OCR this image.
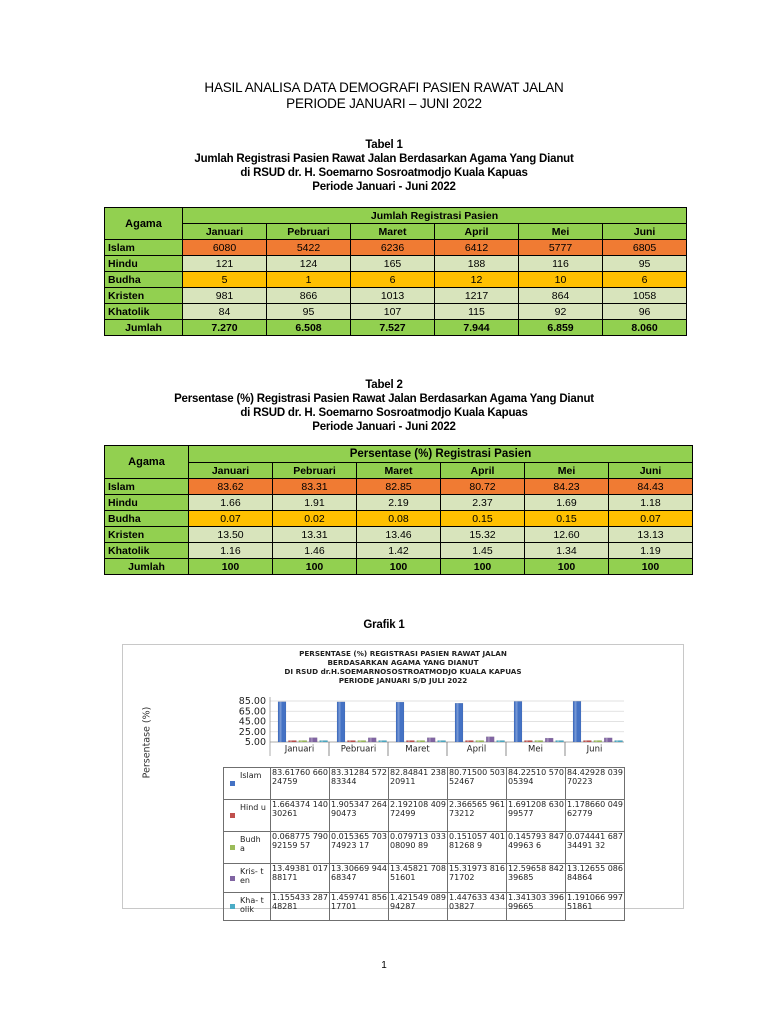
HASIL ANALISA DATA DEMOGRAFI PASIEN RAWAT JALAN
PERIODE JANUARI – JUNI 2022
Tabel 1
Jumlah Registrasi Pasien Rawat Jalan Berdasarkan Agama Yang Dianut
di RSUD dr. H. Soemarno Sosroatmodjo Kuala Kapuas
Periode Januari - Juni 2022
Agama	Jumlah Registrasi Pasien					
	Januari	Pebruari	Maret	April	Mei	Juni
Islam	6080	5422	6236	6412	5777	6805
Hindu	121	124	165	188	116	95
Budha	5	1	6	12	10	6
Kristen	981	866	1013	1217	864	1058
Khatolik	84	95	107	115	92	96
Jumlah	7.270	6.508	7.527	7.944	6.859	8.060
Tabel 2
Persentase (%) Registrasi Pasien Rawat Jalan Berdasarkan Agama Yang Dianut
di RSUD dr. H. Soemarno Sosroatmodjo Kuala Kapuas
Periode Januari - Juni 2022
Agama	Persentase (%) Registrasi Pasien					
	Januari	Pebruari	Maret	April	Mei	Juni
Islam	83.62	83.31	82.85	80.72	84.23	84.43
Hindu	1.66	1.91	2.19	2.37	1.69	1.18
Budha	0.07	0.02	0.08	0.15	0.15	0.07
Kristen	13.50	13.31	13.46	15.32	12.60	13.13
Khatolik	1.16	1.46	1.42	1.45	1.34	1.19
Jumlah	100	100	100	100	100	100
Grafik 1
PERSENTASE (%) REGISTRASI PASIEN RAWAT JALAN
BERDASARKAN AGAMA YANG DIANUT
DI RSUD dr.H.SOEMARNOSOSTROATMODJO KUALA KAPUAS
PERIODE JANUARI S/D JULI 2022
Persentase (%)
85.00
65.00
45.00
25.00
5.00
Januari	Pebruari	Maret	April	Mei	Juni

Islam	83.61760 66024759	83.31284 57283344	82.84841 23820911	80.71500 50352467	84.22510 57005394	84.42928 03970223

Hind u	1.664374 14030261	1.905347 26490473	2.192108 40972499	2.366565 96173212	1.691208 63099577	1.178660 04962779

Budh a	0.068775 79092159 57	0.015365 70374923 17	0.079713 03308090 89	0.151057 40181268 9	0.145793 84749963 6	0.074441 68734491 32

Kris- ten	13.49381 01788171	13.30669 94468347	13.45821 70851601	15.31973 81671702	12.59658 84239685	13.12655 08684864

Kha- tolik	1.155433 28748281	1.459741 85617701	1.421549 08994287	1.447633 43403827	1.341303 39699665	1.191066 99751861
1
